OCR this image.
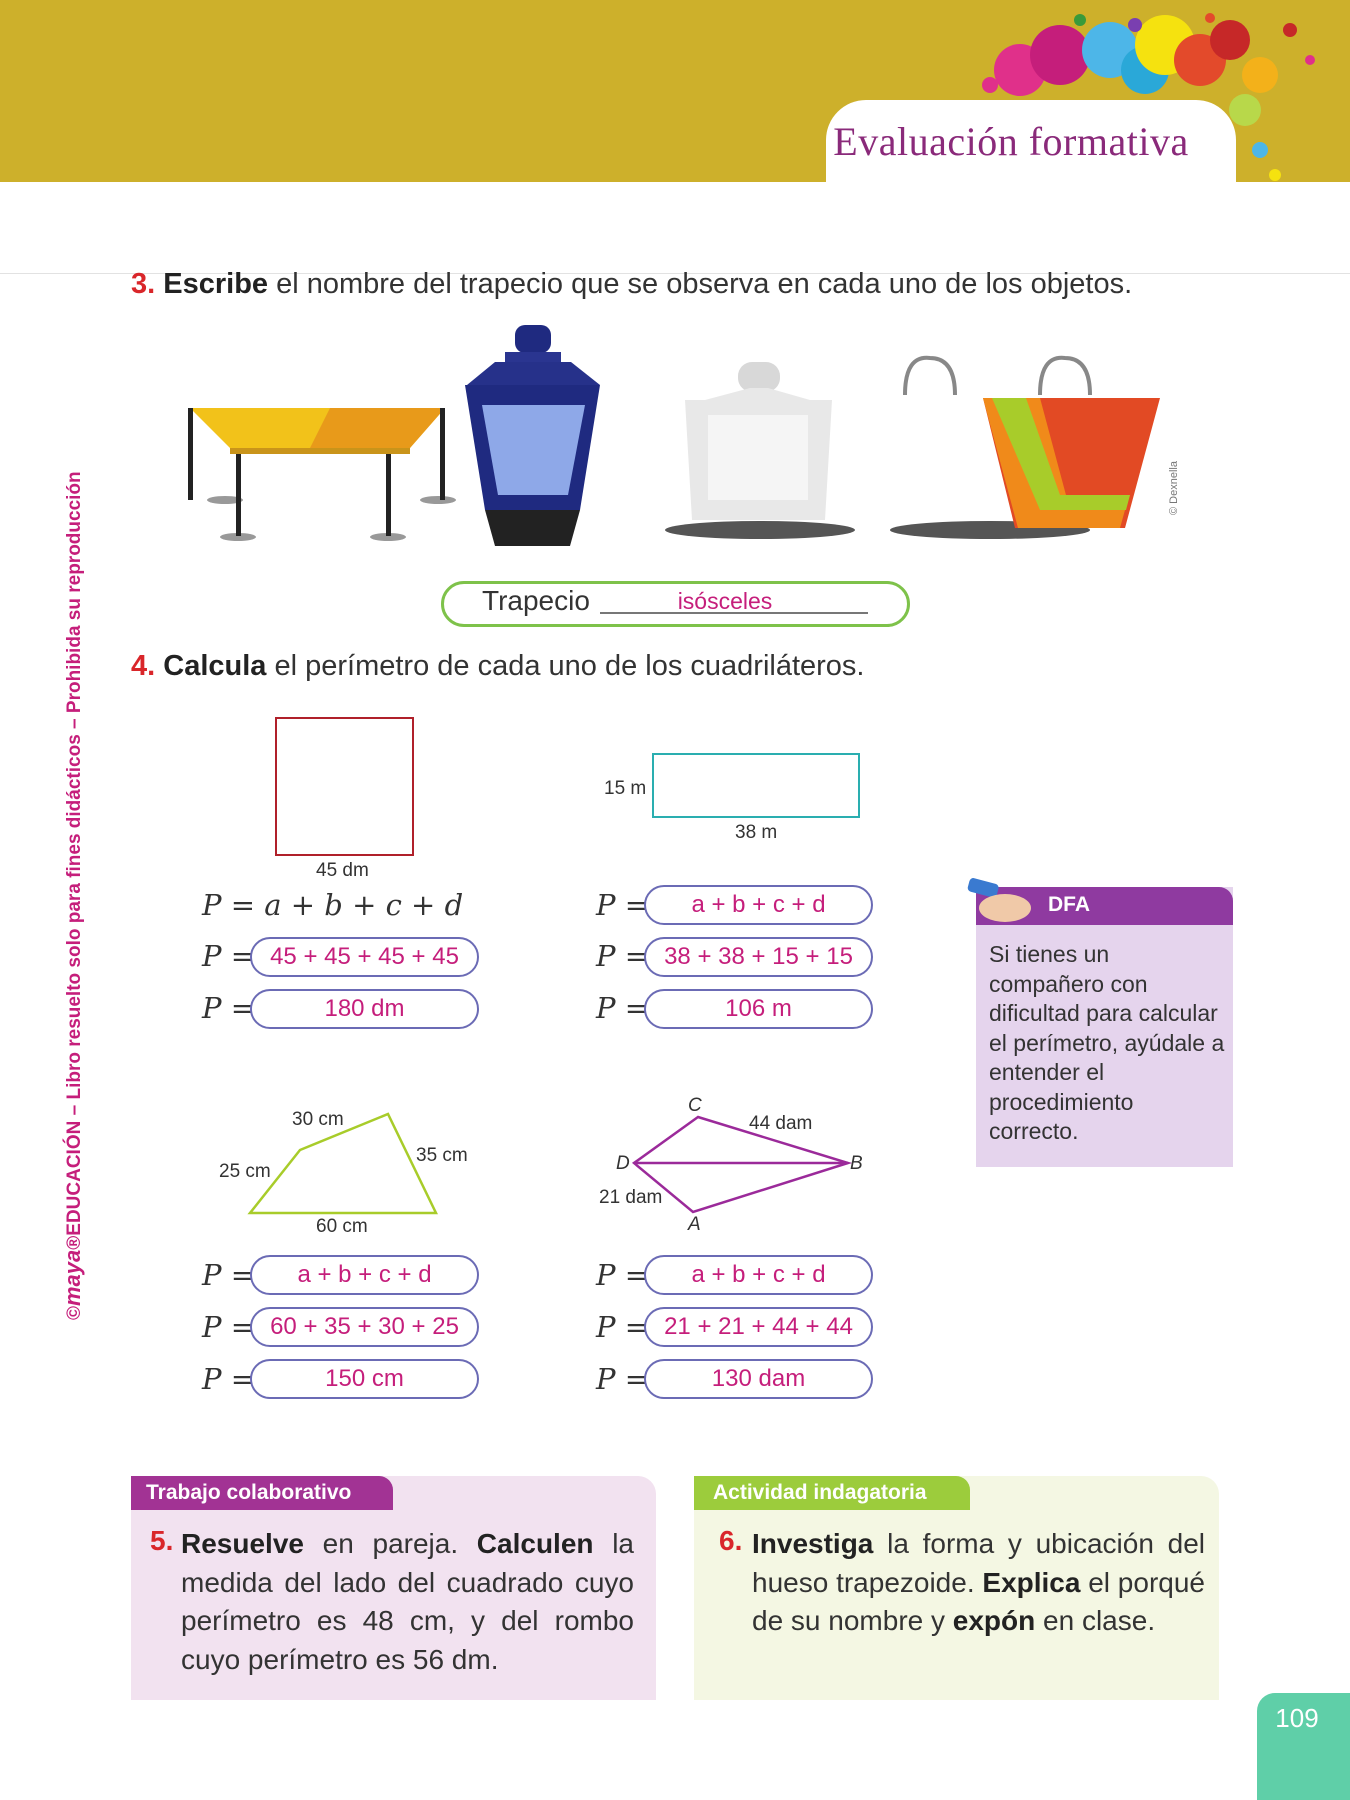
Evaluación formativa
©maya®EDUCACIÓN – Libro resuelto solo para fines didácticos – Prohibida su reproducción	© Dexnella
3. Escribe el nombre del trapecio que se observa en cada uno de los objetos.
Trapecio	isósceles
4. Calcula el perímetro de cada uno de los cuadriláteros.
45 dm
15 m
38 m
P = a + b + c + d
P = 45 + 45 + 45 + 45
P =	180 dm
P =	a + b + c + d
P = 38 + 38 + 15 + 15
P =	106 m
30 cm
35 cm
25 cm
60 cm
C
D	B
A
44 dam
21 dam
P =	a + b + c + d
P = 60 + 35 + 30 + 25
P =	150 cm
P =	a + b + c + d
P = 21 + 21 + 44 + 44
P =	130 dam
DFA
Si tienes un compañero con dificultad para calcular el perímetro, ayúdale a entender el procedimiento correcto.
Trabajo colaborativo
5. Resuelve en pareja. Calculen la medida del lado del cuadrado cuyo perímetro es 48 cm, y del rombo cuyo perímetro es 56 dm.
Actividad indagatoria
6. Investiga la forma y ubicación del hueso trapezoide. Explica el porqué de su nombre y expón en clase.
109
